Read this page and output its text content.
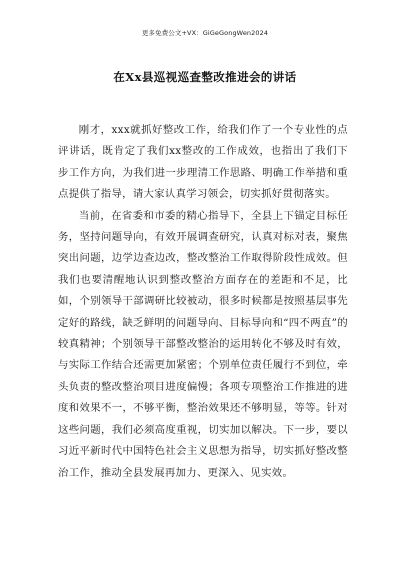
更多免费公文+VX：GiGeGongWen2024
在Xx县巡视巡查整改推进会的讲话

刚才，xxx就抓好整改工作，给我们作了一个专业性的点评讲话，既肯定了我们xx整改的工作成效，也指出了我们下步工作方向，为我们进一步理清工作思路、明确工作举措和重点提供了指导，请大家认真学习领会，切实抓好贯彻落实。

当前，在省委和市委的精心指导下，全县上下锚定目标任务，坚持问题导向，有效开展调查研究，认真对标对表，聚焦突出问题，边学边查边改，整改整治工作取得阶段性成效。但我们也要清醒地认识到整改整治方面存在的差距和不足，比如，个别领导干部调研比较被动，很多时候都是按照基层事先定好的路线，缺乏鲜明的问题导向、目标导向和“四不两直”的较真精神；个别领导干部整改整治的运用转化不够及时有效，与实际工作结合还需更加紧密；个别单位责任履行不到位，牵头负责的整改整治项目进度偏慢；各项专项整治工作推进的进度和效果不一，不够平衡，整治效果还不够明显，等等。针对这些问题，我们必须高度重视，切实加以解决。下一步，要以习近平新时代中国特色社会主义思想为指导，切实抓好整改整治工作，推动全县发展再加力、更深入、见实效。
